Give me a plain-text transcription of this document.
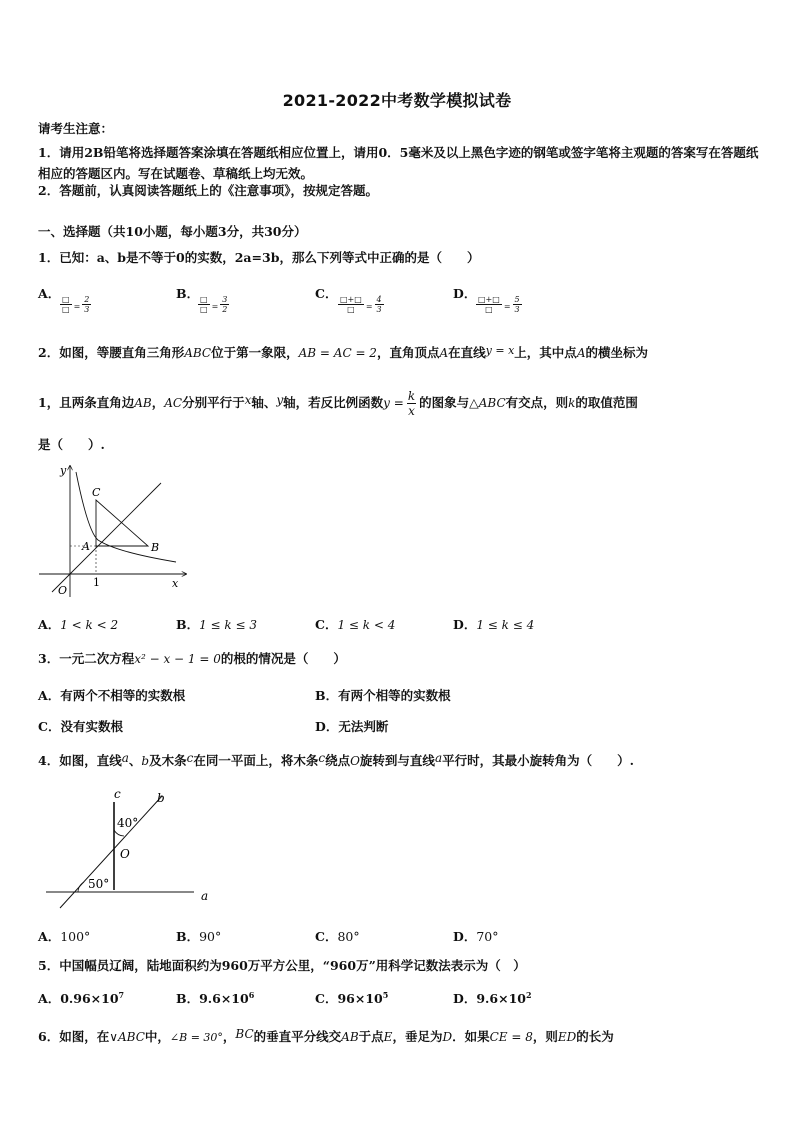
2021-2022中考数学模拟试卷
请考生注意：
1．请用2B铅笔将选择题答案涂填在答题纸相应位置上，请用0．5毫米及以上黑色字迹的钢笔或签字笔将主观题的答案写在答题纸相应的答题区内。写在试题卷、草稿纸上均无效。
2．答题前，认真阅读答题纸上的《注意事项》，按规定答题。
一、选择题（共10小题，每小题3分，共30分）
1．已知：a、b是不等于0的实数，2a=3b，那么下列等式中正确的是（　　）
A．
$\frac{□}{□} = \frac{2}{3}$
B．
$\frac{□}{□} = \frac{3}{2}$
C．
$\frac{□+□}{□} = \frac{4}{3}$
D．
$\frac{□+□}{□} = \frac{5}{3}$
2．如图，等腰直角三角形ABC位于第一象限，AB = AC = 2，直角顶点A在直线y = x上，其中点A的横坐标为
1，且两条直角边AB，AC分别平行于x轴、y轴，若反比例函数$y = \frac{k}{x}$ 的图象与△ABC有交点，则k的取值范围
是（　　）.
y
x
O
1
A	B
C
A．1 < k < 2	B．1 ≤ k ≤ 3	C．1 ≤ k < 4	D．1 ≤ k ≤ 4
3．一元二次方程x² − x − 1 = 0的根的情况是（　　）
A．有两个不相等的实数根	B．有两个相等的实数根
C．没有实数根	D．无法判断
4．如图，直线a、b及木条c在同一平面上，将木条c绕点O旋转到与直线a平行时，其最小旋转角为（　　）.
c	b
a
O
40°
50°
A．100°	B．90°	C．80°	D．70°
5．中国幅员辽阔，陆地面积约为960万平方公里，“960万”用科学记数法表示为（　）
A．$0.96\times 10^7$	B．$9.6\times 10^6$	C．$96\times 10^5$	D．$9.6\times 10^2$
6．如图，在∨ABC中，∠B = 30°，BC的垂直平分线交AB于点E，垂足为D．如果CE = 8，则ED的长为
